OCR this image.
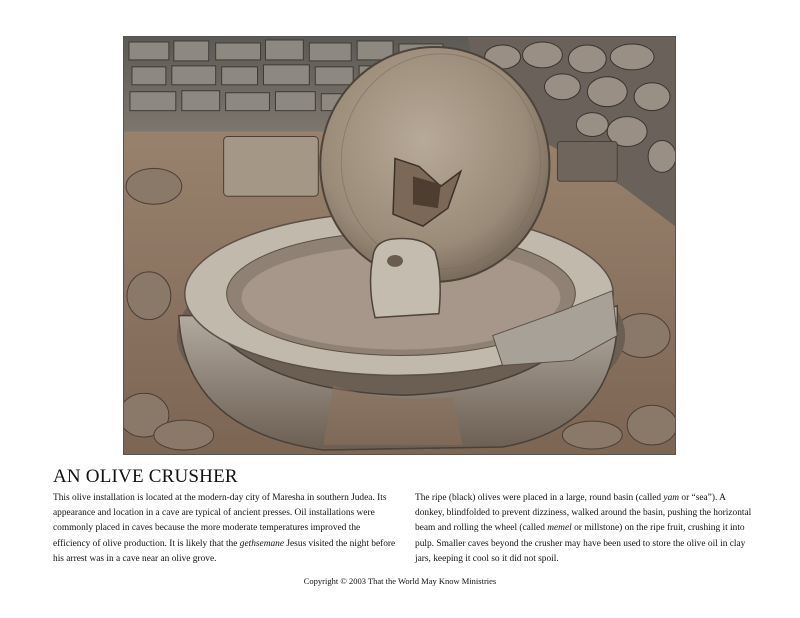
AN OLIVE CRUSHER

This olive installation is located at the modern-day city of Maresha in southern Judea. Its appearance and location in a cave are typical of ancient presses. Oil installations were commonly placed in caves because the more moderate temperatures improved the efficiency of olive production. It is likely that the gethsemane Jesus visited the night before his arrest was in a cave near an olive grove.

The ripe (black) olives were placed in a large, round basin (called yam or “sea”). A donkey, blindfolded to prevent dizziness, walked around the basin, pushing the horizontal beam and rolling the wheel (called memel or millstone) on the ripe fruit, crushing it into pulp. Smaller caves beyond the crusher may have been used to store the olive oil in clay jars, keeping it cool so it did not spoil.

Copyright © 2003 That the World May Know Ministries
